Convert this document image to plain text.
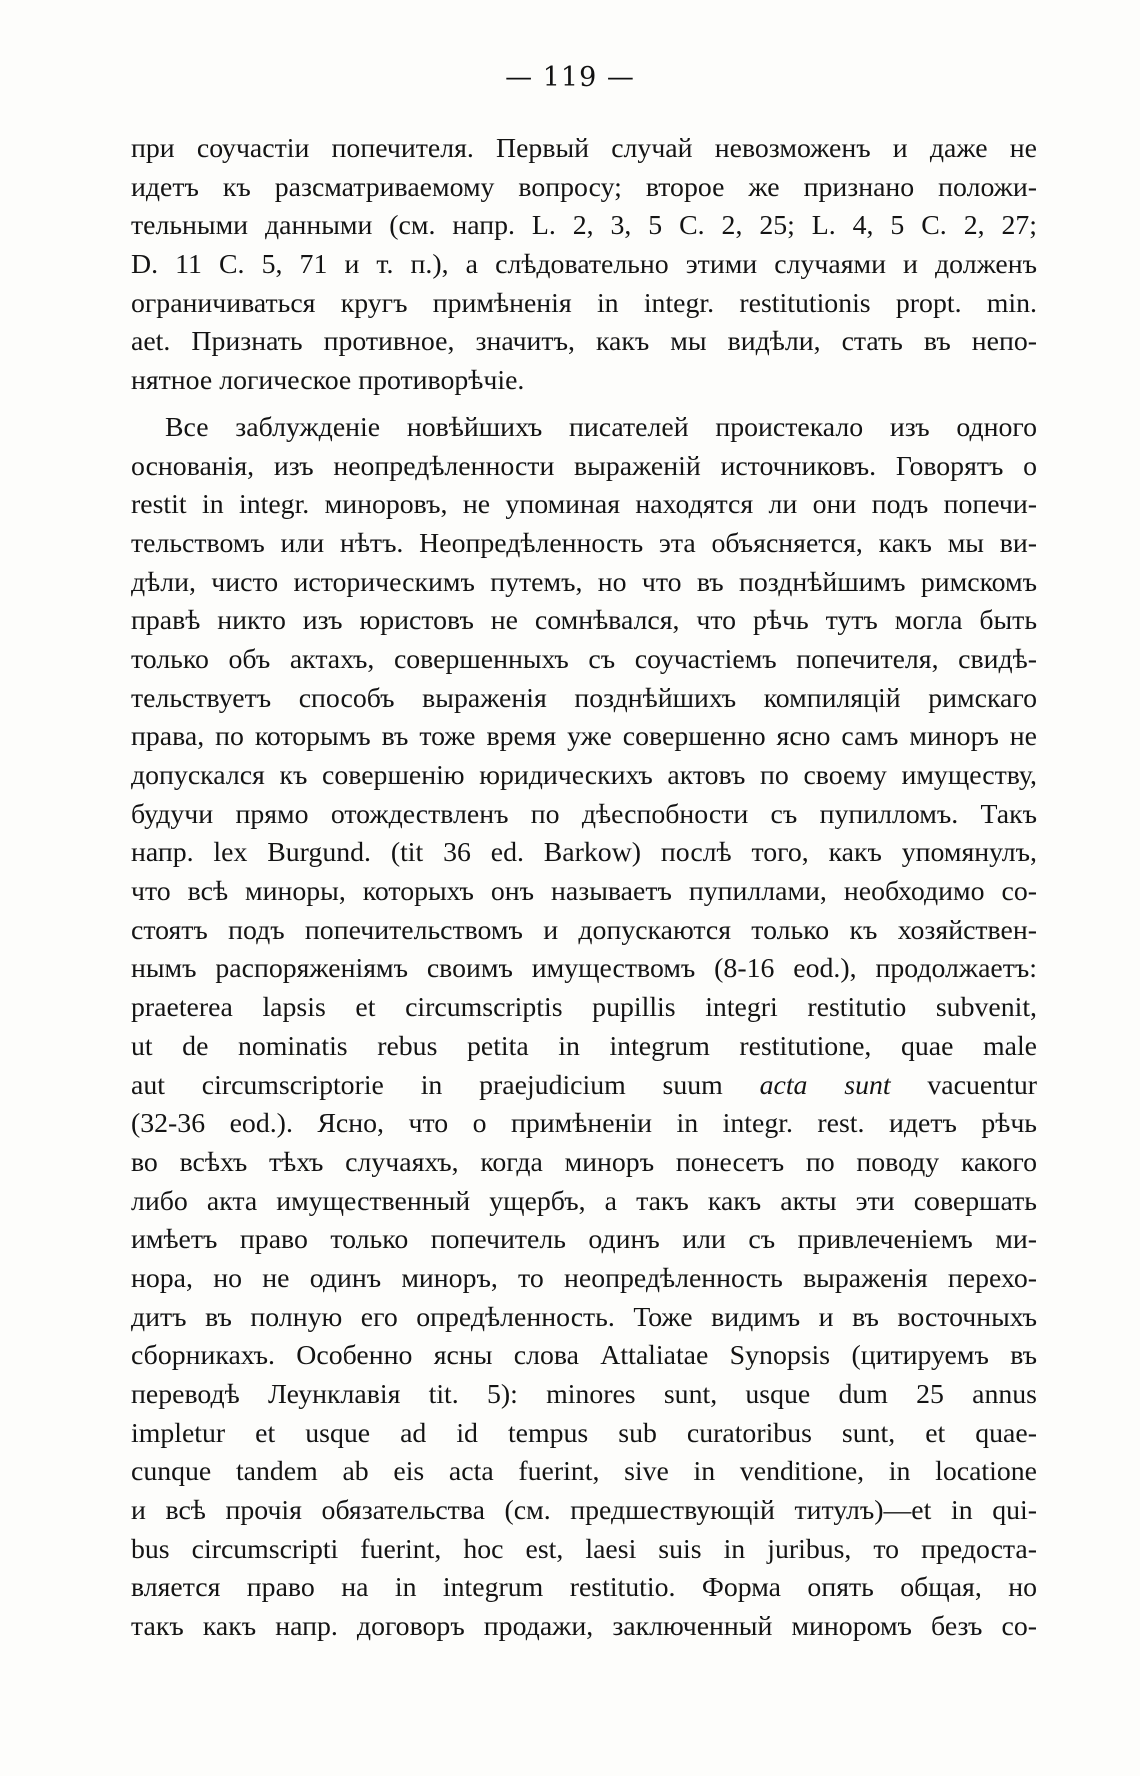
— 119 —
при соучастіи попечителя. Первый случай невозможенъ и даже не
идетъ къ разсматриваемому вопросу; второе же признано положи-
тельными данными (см. напр. L. 2, 3, 5 С. 2, 25; L. 4, 5 С. 2, 27;
D. 11 С. 5, 71 и т. п.), а слѣдовательно этими случаями и долженъ
ограничиваться кругъ примѣненія in integr. restitutionis propt. min.
aet. Признать противное, значитъ, какъ мы видѣли, стать въ непо-
нятное логическое противорѣчіе.
Все заблужденіе новѣйшихъ писателей проистекало изъ одного
основанія, изъ неопредѣленности выраженій источниковъ. Говорятъ о
restit in integr. миноровъ, не упоминая находятся ли они подъ попечи-
тельствомъ или нѣтъ. Неопредѣленность эта объясняется, какъ мы ви-
дѣли, чисто историческимъ путемъ, но что въ позднѣйшимъ римскомъ
правѣ никто изъ юристовъ не сомнѣвался, что рѣчь тутъ могла быть
только объ актахъ, совершенныхъ съ соучастіемъ попечителя, свидѣ-
тельствуетъ способъ выраженія позднѣйшихъ компиляцій римскаго
права, по которымъ въ тоже время уже совершенно ясно самъ миноръ не
допускался къ совершенію юридическихъ актовъ по своему имуществу,
будучи прямо отождествленъ по дѣеспобности съ пупилломъ. Такъ
напр. lex Burgund. (tit 36 ed. Barkow) послѣ того, какъ упомянулъ,
что всѣ миноры, которыхъ онъ называетъ пупиллами, необходимо со-
стоятъ подъ попечительствомъ и допускаются только къ хозяйствен-
нымъ распоряженіямъ своимъ имуществомъ (8-16 eod.), продолжаетъ:
praeterea lapsis et circumscriptis pupillis integri restitutio subvenit,
ut de nominatis rebus petita in integrum restitutione, quae male
aut circumscriptorie in praejudicium suum acta sunt vacuentur
(32-36 eod.). Ясно, что о примѣненіи in integr. rest. идетъ рѣчь
во всѣхъ тѣхъ случаяхъ, когда миноръ понесетъ по поводу какого
либо акта имущественный ущербъ, а такъ какъ акты эти совершать
имѣетъ право только попечитель одинъ или съ привлеченіемъ ми-
нора, но не одинъ миноръ, то неопредѣленность выраженія перехо-
дитъ въ полную его опредѣленность. Тоже видимъ и въ восточныхъ
сборникахъ. Особенно ясны слова Attaliatae Synopsis (цитируемъ въ
переводѣ Леунклавія tit. 5): minores sunt, usque dum 25 annus
impletur et usque ad id tempus sub curatoribus sunt, et quae-
cunque tandem ab eis acta fuerint, sive in venditione, in locatione
и всѣ прочія обязательства (см. предшествующій титулъ)—et in qui-
bus circumscripti fuerint, hoc est, laesi suis in juribus, то предоста-
вляется право на in integrum restitutio. Форма опять общая, но
такъ какъ напр. договоръ продажи, заключенный миноромъ безъ со-
